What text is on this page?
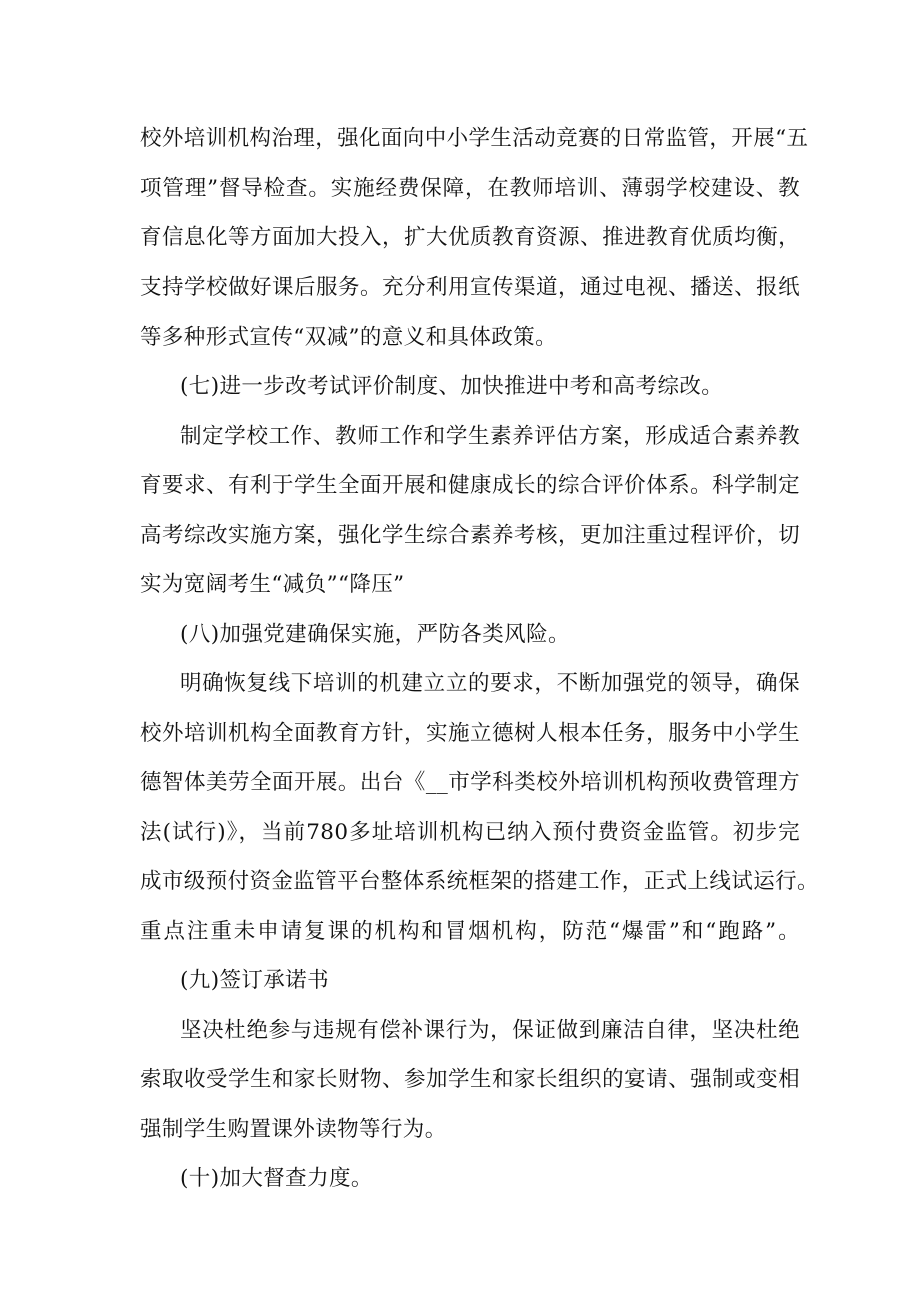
校外培训机构治理，强化面向中小学生活动竞赛的日常监管，开展“五
项管理”督导检查。实施经费保障，在教师培训、薄弱学校建设、教
育信息化等方面加大投入，扩大优质教育资源、推进教育优质均衡，
支持学校做好课后服务。充分利用宣传渠道，通过电视、播送、报纸
等多种形式宣传“双减”的意义和具体政策。
(七)进一步改考试评价制度、加快推进中考和高考综改。
制定学校工作、教师工作和学生素养评估方案，形成适合素养教
育要求、有利于学生全面开展和健康成长的综合评价体系。科学制定
高考综改实施方案，强化学生综合素养考核，更加注重过程评价，切
实为宽阔考生“减负”“降压”
(八)加强党建确保实施，严防各类风险。
明确恢复线下培训的机建立立的要求，不断加强党的领导，确保
校外培训机构全面教育方针，实施立德树人根本任务，服务中小学生
德智体美劳全面开展。出台《__市学科类校外培训机构预收费管理方
法(试行)》，当前780多址培训机构已纳入预付费资金监管。初步完
成市级预付资金监管平台整体系统框架的搭建工作，正式上线试运行。
重点注重未申请复课的机构和冒烟机构，防范“爆雷”和“跑路”。
(九)签订承诺书
坚决杜绝参与违规有偿补课行为，保证做到廉洁自律，坚决杜绝
索取收受学生和家长财物、参加学生和家长组织的宴请、强制或变相
强制学生购置课外读物等行为。
(十)加大督查力度。
